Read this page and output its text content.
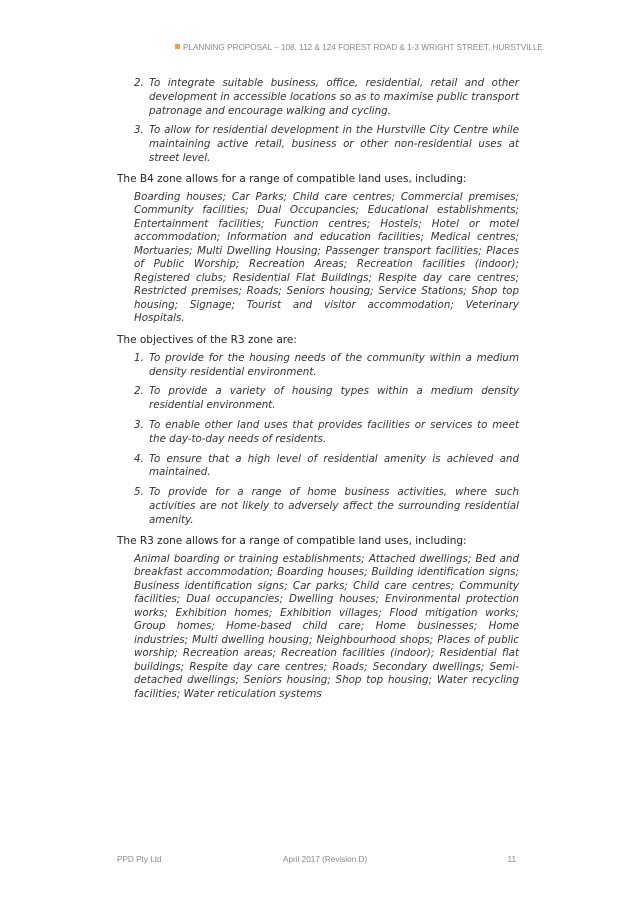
PLANNING PROPOSAL – 108, 112 & 124 FOREST ROAD & 1-3 WRIGHT STREET, HURSTVILLE
2. To integrate suitable business, office, residential, retail and other development in accessible locations so as to maximise public transport patronage and encourage walking and cycling.
3. To allow for residential development in the Hurstville City Centre while maintaining active retail, business or other non-residential uses at street level.

The B4 zone allows for a range of compatible land uses, including:

Boarding houses; Car Parks; Child care centres; Commercial premises; Community facilities; Dual Occupancies; Educational establishments; Entertainment facilities; Function centres; Hostels; Hotel or motel accommodation; Information and education facilities; Medical centres; Mortuaries; Multi Dwelling Housing; Passenger transport facilities; Places of Public Worship; Recreation Areas; Recreation facilities (indoor); Registered clubs; Residential Flat Buildings; Respite day care centres; Restricted premises; Roads; Seniors housing; Service Stations; Shop top housing; Signage; Tourist and visitor accommodation; Veterinary Hospitals.

The objectives of the R3 zone are:

1. To provide for the housing needs of the community within a medium density residential environment.
2. To provide a variety of housing types within a medium density residential environment.
3. To enable other land uses that provides facilities or services to meet the day-to-day needs of residents.
4. To ensure that a high level of residential amenity is achieved and maintained.
5. To provide for a range of home business activities, where such activities are not likely to adversely affect the surrounding residential amenity.

The R3 zone allows for a range of compatible land uses, including:

Animal boarding or training establishments; Attached dwellings; Bed and breakfast accommodation; Boarding houses; Building identification signs; Business identification signs; Car parks; Child care centres; Community facilities; Dual occupancies; Dwelling houses; Environmental protection works; Exhibition homes; Exhibition villages; Flood mitigation works; Group homes; Home-based child care; Home businesses; Home industries; Multi dwelling housing; Neighbourhood shops; Places of public worship; Recreation areas; Recreation facilities (indoor); Residential flat buildings; Respite day care centres; Roads; Secondary dwellings; Semi-detached dwellings; Seniors housing; Shop top housing; Water recycling facilities; Water reticulation systems

PPD Pty Ltd	April 2017 (Revision D)	11
